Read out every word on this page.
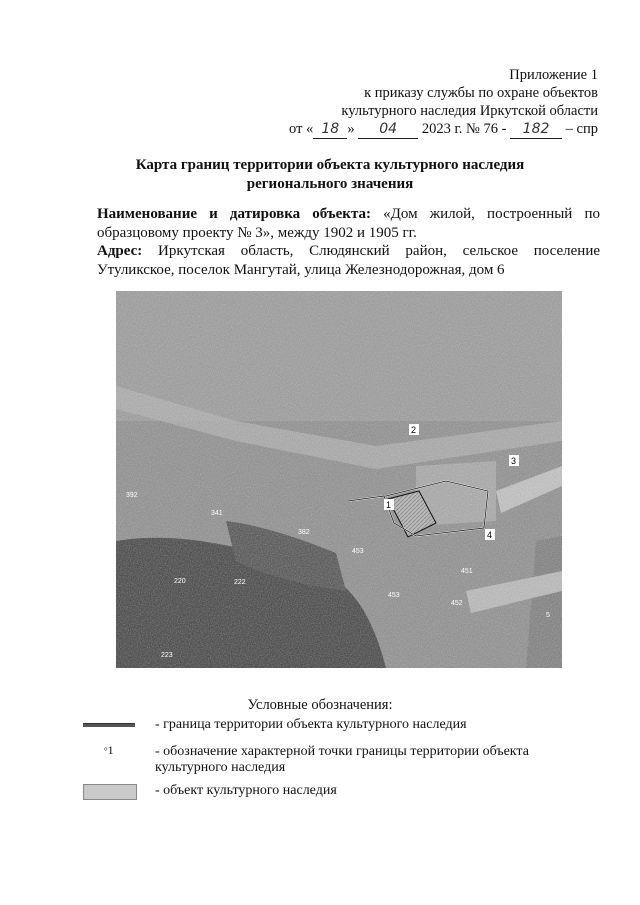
Приложение 1
к приказу службы по охране объектов
культурного наследия Иркутской области
от « 18 » 04 2023 г. № 76 - 182 – спр
Карта границ территории объекта культурного наследия
регионального значения
Наименование и датировка объекта: «Дом жилой, построенный по образцовому проекту № 3», между 1902 и 1905 гг.
Адрес: Иркутская область, Слюдянский район, сельское поселение Утуликское, поселок Мангутай, улица Железнодорожная, дом 6
1
2
3
4
392
341
382
453
220	222
223
451
452
453
5
Условные обозначения:
- граница территории объекта культурного наследия
°1	- обозначение характерной точки границы территории объекта культурного наследия
- объект культурного наследия
